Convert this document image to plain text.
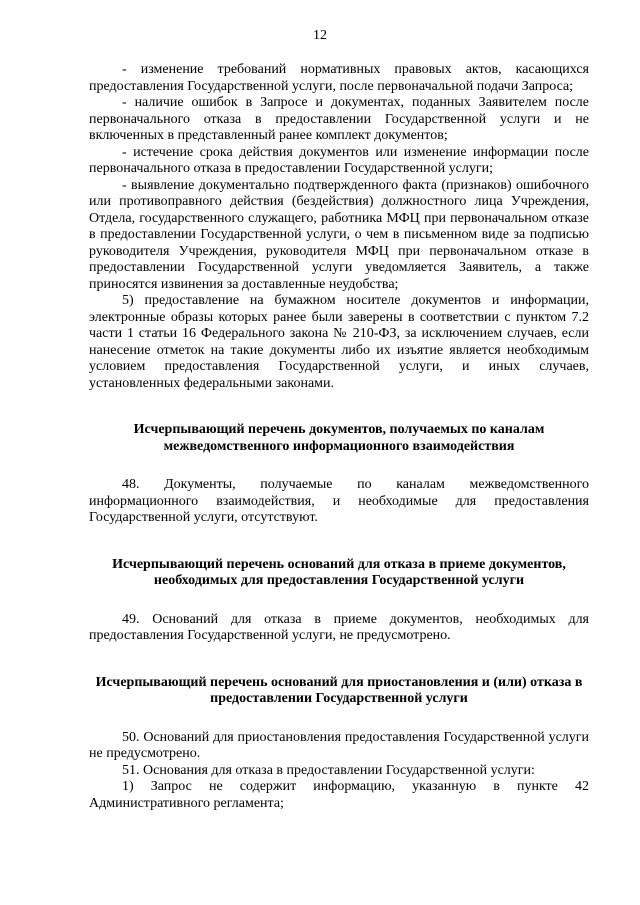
12

- изменение требований нормативных правовых актов, касающихся предоставления Государственной услуги, после первоначальной подачи Запроса;

- наличие ошибок в Запросе и документах, поданных Заявителем после первоначального отказа в предоставлении Государственной услуги и не включенных в представленный ранее комплект документов;

- истечение срока действия документов или изменение информации после первоначального отказа в предоставлении Государственной услуги;

- выявление документально подтвержденного факта (признаков) ошибочного или противоправного действия (бездействия) должностного лица Учреждения, Отдела, государственного служащего, работника МФЦ при первоначальном отказе в предоставлении Государственной услуги, о чем в письменном виде за подписью руководителя Учреждения, руководителя МФЦ при первоначальном отказе в предоставлении Государственной услуги уведомляется Заявитель, а также приносятся извинения за доставленные неудобства;

5) предоставление на бумажном носителе документов и информации, электронные образы которых ранее были заверены в соответствии с пунктом 7.2 части 1 статьи 16 Федерального закона № 210-ФЗ, за исключением случаев, если нанесение отметок на такие документы либо их изъятие является необходимым условием предоставления Государственной услуги, и иных случаев, установленных федеральными законами.

Исчерпывающий перечень документов, получаемых по каналам межведомственного информационного взаимодействия

48. Документы, получаемые по каналам межведомственного информационного взаимодействия, и необходимые для предоставления Государственной услуги, отсутствуют.

Исчерпывающий перечень оснований для отказа в приеме документов, необходимых для предоставления Государственной услуги

49. Оснований для отказа в приеме документов, необходимых для предоставления Государственной услуги, не предусмотрено.

Исчерпывающий перечень оснований для приостановления и (или) отказа в предоставлении Государственной услуги

50. Оснований для приостановления предоставления Государственной услуги не предусмотрено.

51. Основания для отказа в предоставлении Государственной услуги:

1) Запрос не содержит информацию, указанную в пункте 42 Административного регламента;
